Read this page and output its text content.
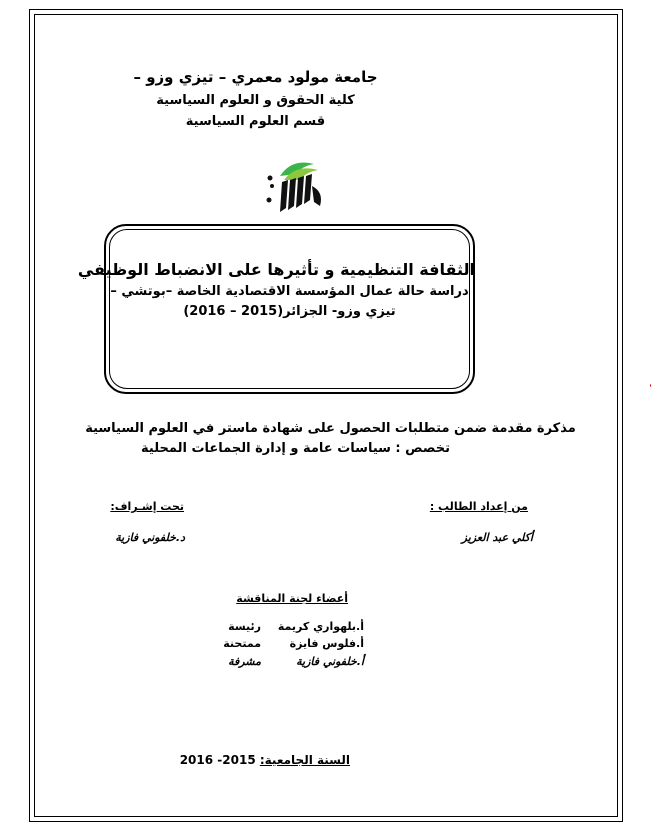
جامعة مولود معمري – تيزي وزو –
كلية الحقوق و العلوم السياسية
قسم العلوم السياسية
الثقافة التنظيمية و تأثيرها على الانضباط الوظيفي
دراسة حالة عمال المؤسسة الاقتصادية الخاصة –بوتشي –
تيزي وزو- الجزائر(2015 – 2016)
مذكرة مقدمة ضمن متطلبات الحصول على شهادة ماستر في العلوم السياسية
تخصص : سياسات عامة و إدارة الجماعات المحلية
من إعداد الطالب :
تحت إشـراف:
أكلي عبد العزيز
د.خلفوني فازية
أعضاء لجنة المناقشة
أ.بلهواري كريمة
رئيسة
أ.فلوس فايزة
ممتحنة
أ.خلفوني فازية
مشرفة
السنة الجامعية: 2015- 2016
